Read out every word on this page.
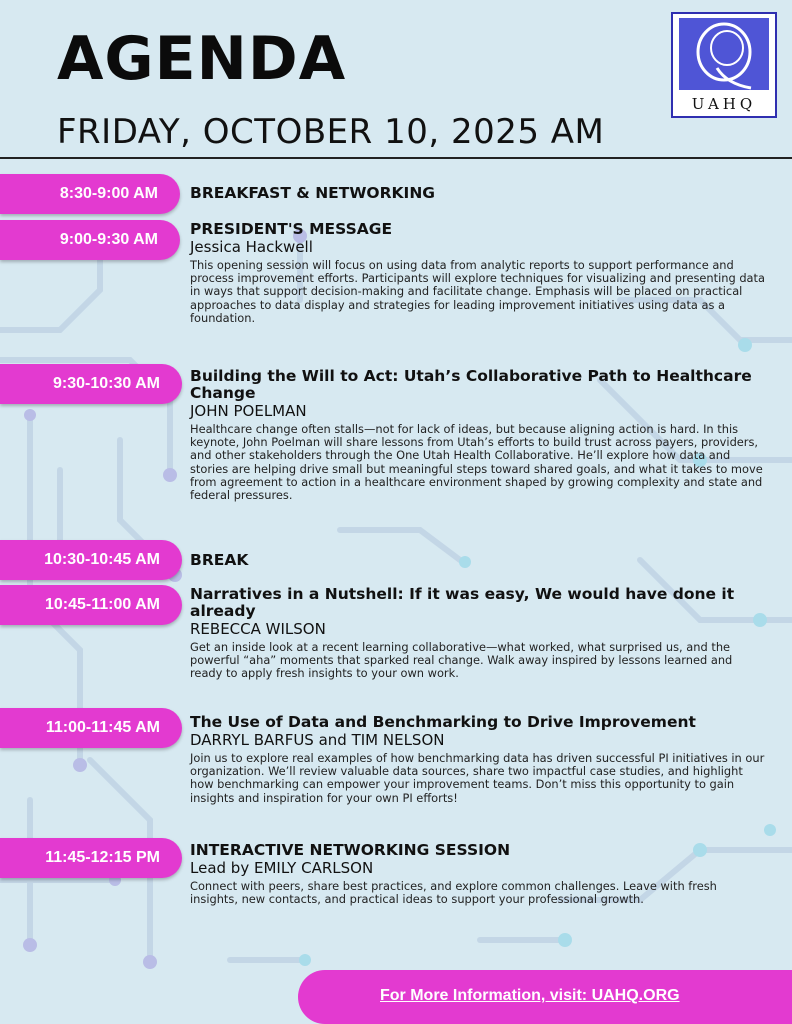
AGENDA
FRIDAY, OCTOBER 10, 2025 AM
UAHQ
8:30-9:00 AM
9:00-9:30 AM
9:30-10:30 AM
10:30-10:45 AM
10:45-11:00 AM
11:00-11:45 AM
11:45-12:15 PM
BREAKFAST & NETWORKING
PRESIDENT'S MESSAGE
Jessica Hackwell
This opening session will focus on using data from analytic reports to support performance and process improvement efforts. Participants will explore techniques for visualizing and presenting data in ways that support decision-making and facilitate change. Emphasis will be placed on practical approaches to data display and strategies for leading improvement initiatives using data as a foundation.
Building the Will to Act: Utah’s Collaborative Path to Healthcare Change
JOHN POELMAN
Healthcare change often stalls—not for lack of ideas, but because aligning action is hard. In this keynote, John Poelman will share lessons from Utah’s efforts to build trust across payers, providers, and other stakeholders through the One Utah Health Collaborative. He’ll explore how data and stories are helping drive small but meaningful steps toward shared goals, and what it takes to move from agreement to action in a healthcare environment shaped by growing complexity and state and federal pressures.
BREAK
Narratives in a Nutshell: If it was easy, We would have done it already
REBECCA WILSON
Get an inside look at a recent learning collaborative—what worked, what surprised us, and the powerful “aha” moments that sparked real change. Walk away inspired by lessons learned and ready to apply fresh insights to your own work.
The Use of Data and Benchmarking to Drive Improvement
DARRYL BARFUS and TIM NELSON
Join us to explore real examples of how benchmarking data has driven successful PI initiatives in our organization. We’ll review valuable data sources, share two impactful case studies, and highlight how benchmarking can empower your improvement teams. Don’t miss this opportunity to gain insights and inspiration for your own PI efforts!
INTERACTIVE NETWORKING SESSION
Lead by EMILY CARLSON
Connect with peers, share best practices, and explore common challenges. Leave with fresh insights, new contacts, and practical ideas to support your professional growth.
For More Information, visit: UAHQ.ORG
